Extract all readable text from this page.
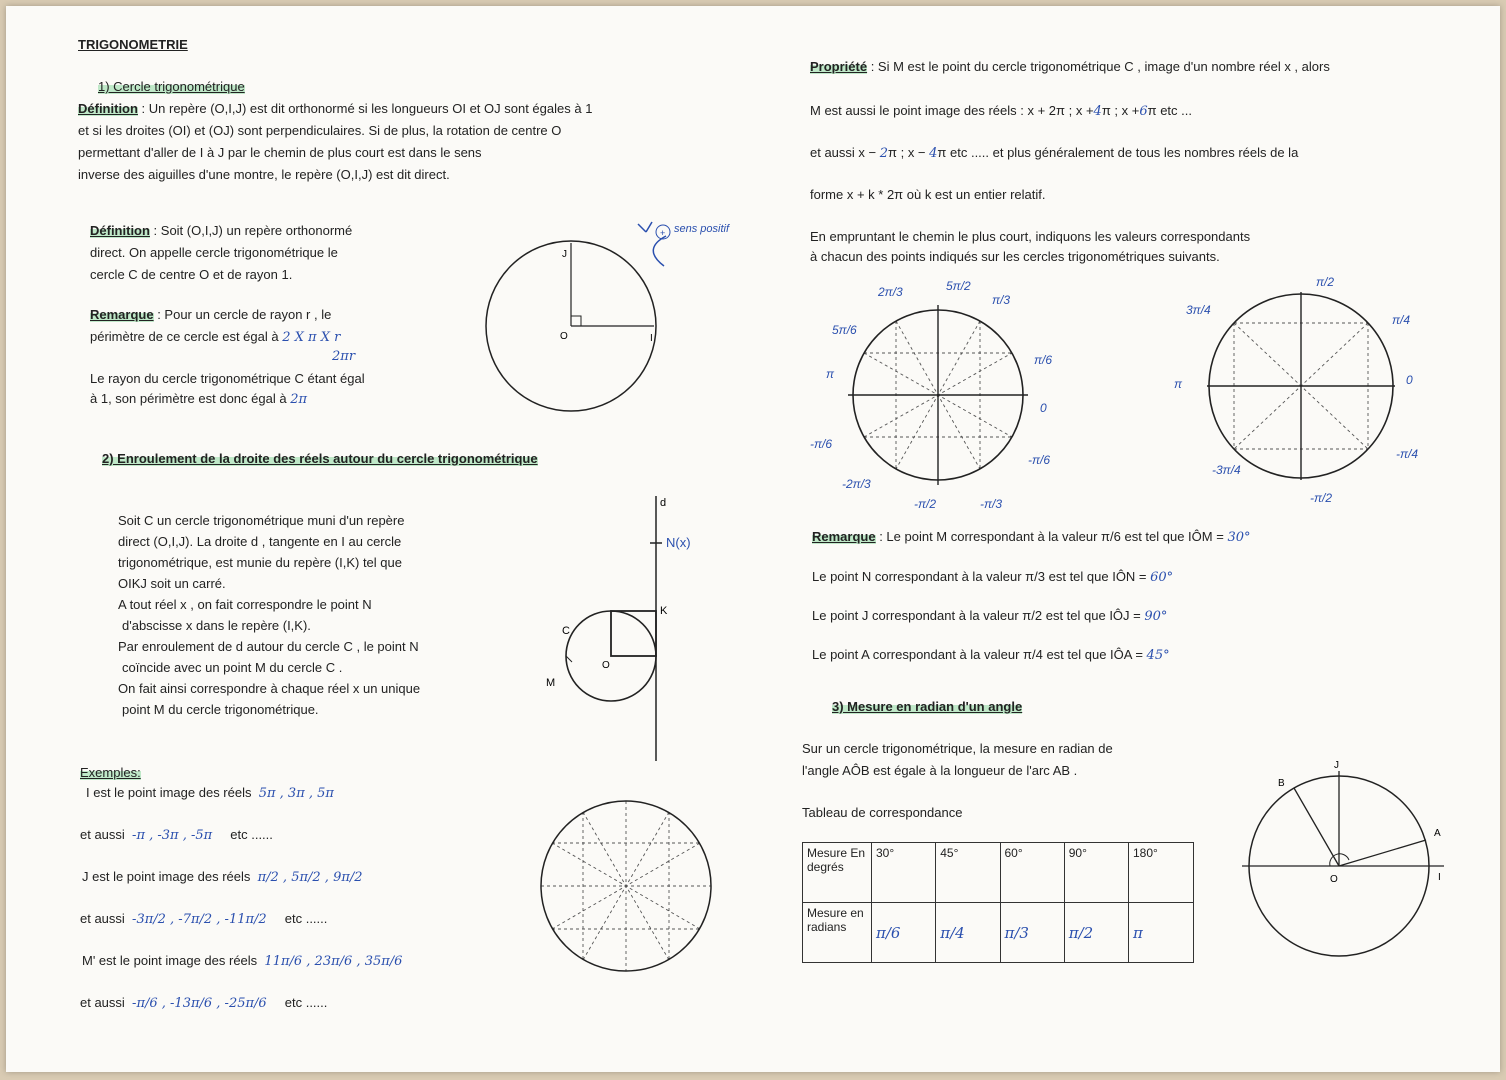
TRIGONOMETRIE
1) Cercle trigonométrique
Définition : Un repère (O,I,J) est dit orthonormé si les longueurs OI et OJ sont égales à 1
et si les droites (OI) et (OJ) sont perpendiculaires. Si de plus, la rotation de centre O
permettant d'aller de I à J par le chemin de plus court est dans le sens
inverse des aiguilles d'une montre, le repère (O,I,J) est dit direct.
Définition : Soit (O,I,J) un repère orthonormé
direct. On appelle cercle trigonométrique le
cercle C de centre O et de rayon 1.
Remarque : Pour un cercle de rayon r , le
périmètre de ce cercle est égal à 2 X π X r
2πr
Le rayon du cercle trigonométrique C étant égal
à 1, son périmètre est donc égal à 2π
J
O	I
+ sens positif
2) Enroulement de la droite des réels autour du cercle trigonométrique
Soit C un cercle trigonométrique muni d'un repère
direct (O,I,J). La droite d , tangente en I au cercle
trigonométrique, est munie du repère (I,K) tel que
OIKJ soit un carré.
A tout réel x , on fait correspondre le point N
d'abscisse x dans le repère (I,K).
Par enroulement de d autour du cercle C , le point N
coïncide avec un point M du cercle C .
On fait ainsi correspondre à chaque réel x un unique
point M du cercle trigonométrique.
d
N(x)
K
C
M
O
Exemples:
I est le point image des réels 5π , 3π , 5π
et aussi -π , -3π , -5π etc ......
J est le point image des réels π/2 , 5π/2 , 9π/2
et aussi -3π/2 , -7π/2 , -11π/2 etc ......
M' est le point image des réels 11π/6 , 23π/6 , 35π/6
et aussi -π/6 , -13π/6 , -25π/6 etc ......
Propriété : Si M est le point du cercle trigonométrique C , image d'un nombre réel x , alors
M est aussi le point image des réels : x + 2π ; x +4π ; x +6π etc ...
et aussi x − 2π ; x − 4π etc ..... et plus généralement de tous les nombres réels de la
forme x + k * 2π où k est un entier relatif.
En empruntant le chemin le plus court, indiquons les valeurs correspondants
à chacun des points indiqués sur les cercles trigonométriques suivants.
2π/3	5π/2
π/3
5π/6
π
-π/6
π/6
0
-2π/3
-π/2	-π/3
-π/6
π/2
3π/4
π/4
π	0
-3π/4
-π/4
-π/2
Remarque : Le point M correspondant à la valeur π/6 est tel que IÔM = 30°
Le point N correspondant à la valeur π/3 est tel que IÔN = 60°
Le point J correspondant à la valeur π/2 est tel que IÔJ = 90°
Le point A correspondant à la valeur π/4 est tel que IÔA = 45°
3) Mesure en radian d'un angle
Sur un cercle trigonométrique, la mesure en radian de
l'angle AÔB est égale à la longueur de l'arc AB .
Tableau de correspondance
Mesure En degrés	30°	45°	60°	90°	180°
Mesure en radians	π/6	π/4	π/3	π/2	π
B
J
A
O	I
